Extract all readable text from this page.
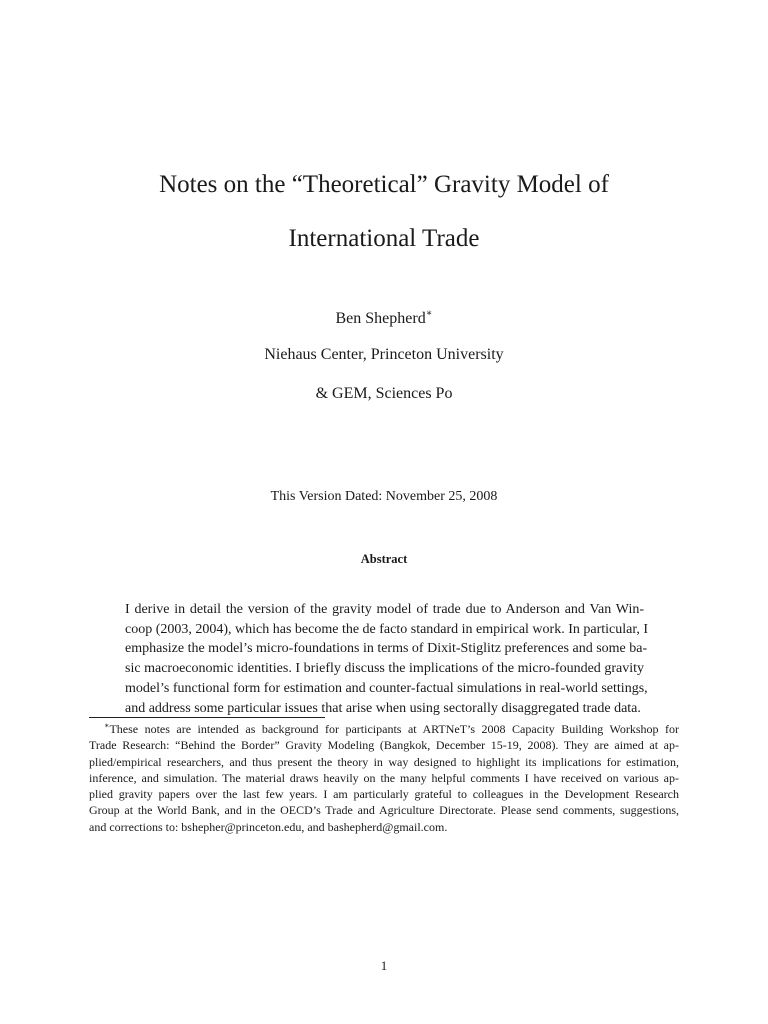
Notes on the “Theoretical” Gravity Model of
International Trade
Ben Shepherd∗
Niehaus Center, Princeton University
& GEM, Sciences Po
This Version Dated: November 25, 2008
Abstract
I derive in detail the version of the gravity model of trade due to Anderson and Van Win-
coop (2003, 2004), which has become the de facto standard in empirical work. In particular, I
emphasize the model’s micro-foundations in terms of Dixit-Stiglitz preferences and some ba-
sic macroeconomic identities. I briefly discuss the implications of the micro-founded gravity
model’s functional form for estimation and counter-factual simulations in real-world settings,
and address some particular issues that arise when using sectorally disaggregated trade data.
∗These notes are intended as background for participants at ARTNeT’s 2008 Capacity Building Workshop for
Trade Research: “Behind the Border” Gravity Modeling (Bangkok, December 15-19, 2008). They are aimed at ap-
plied/empirical researchers, and thus present the theory in way designed to highlight its implications for estimation,
inference, and simulation. The material draws heavily on the many helpful comments I have received on various ap-
plied gravity papers over the last few years. I am particularly grateful to colleagues in the Development Research
Group at the World Bank, and in the OECD’s Trade and Agriculture Directorate. Please send comments, suggestions,
and corrections to: bshepher@princeton.edu, and bashepherd@gmail.com.
1
